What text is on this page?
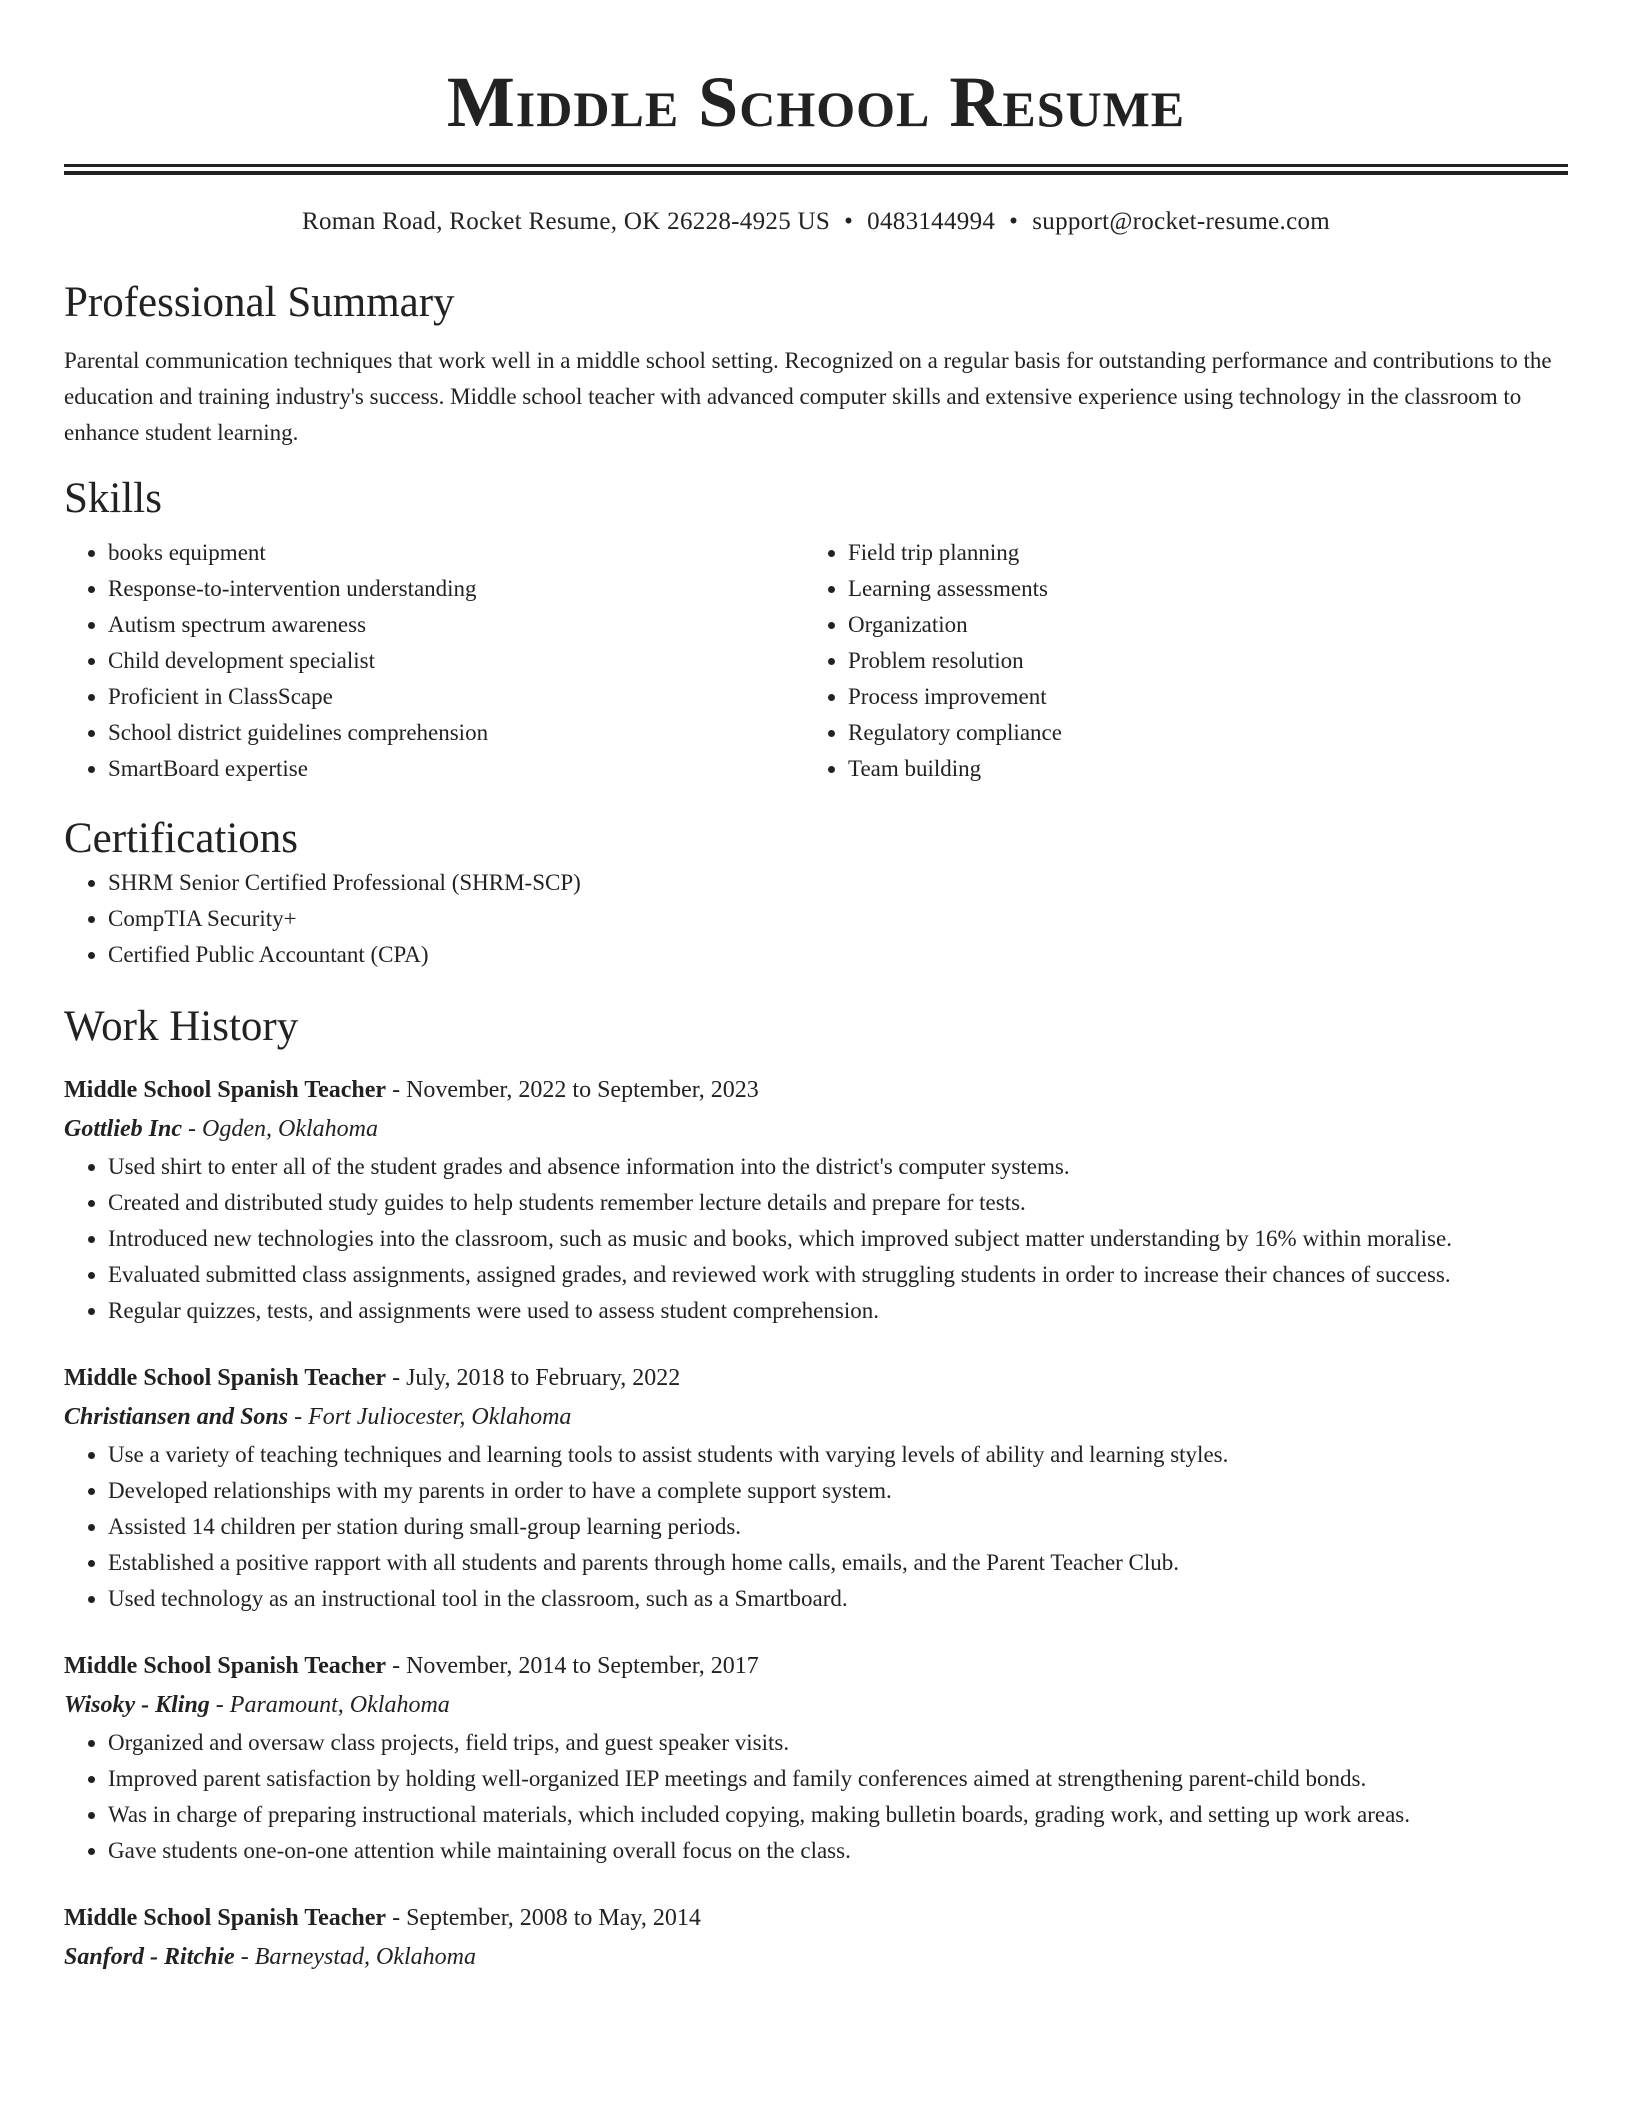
Middle School Resume
Roman Road, Rocket Resume, OK 26228-4925 US • 0483144994 • support@rocket-resume.com
Professional Summary

Parental communication techniques that work well in a middle school setting. Recognized on a regular basis for outstanding performance and contributions to the education and training industry's success. Middle school teacher with advanced computer skills and extensive experience using technology in the classroom to enhance student learning.

Skills
• books equipment
• Response-to-intervention understanding
• Autism spectrum awareness
• Child development specialist
• Proficient in ClassScape
• School district guidelines comprehension
• SmartBoard expertise
• Field trip planning
• Learning assessments
• Organization
• Problem resolution
• Process improvement
• Regulatory compliance
• Team building
Certifications
• SHRM Senior Certified Professional (SHRM-SCP)
• CompTIA Security+
• Certified Public Accountant (CPA)
Work History
Middle School Spanish Teacher - November, 2022 to September, 2023
Gottlieb Inc - Ogden, Oklahoma
• Used shirt to enter all of the student grades and absence information into the district's computer systems.
• Created and distributed study guides to help students remember lecture details and prepare for tests.
• Introduced new technologies into the classroom, such as music and books, which improved subject matter understanding by 16% within moralise.
• Evaluated submitted class assignments, assigned grades, and reviewed work with struggling students in order to increase their chances of success.
• Regular quizzes, tests, and assignments were used to assess student comprehension.
Middle School Spanish Teacher - July, 2018 to February, 2022
Christiansen and Sons - Fort Juliocester, Oklahoma
• Use a variety of teaching techniques and learning tools to assist students with varying levels of ability and learning styles.
• Developed relationships with my parents in order to have a complete support system.
• Assisted 14 children per station during small-group learning periods.
• Established a positive rapport with all students and parents through home calls, emails, and the Parent Teacher Club.
• Used technology as an instructional tool in the classroom, such as a Smartboard.
Middle School Spanish Teacher - November, 2014 to September, 2017
Wisoky - Kling - Paramount, Oklahoma
• Organized and oversaw class projects, field trips, and guest speaker visits.
• Improved parent satisfaction by holding well-organized IEP meetings and family conferences aimed at strengthening parent-child bonds.
• Was in charge of preparing instructional materials, which included copying, making bulletin boards, grading work, and setting up work areas.
• Gave students one-on-one attention while maintaining overall focus on the class.
Middle School Spanish Teacher - September, 2008 to May, 2014
Sanford - Ritchie - Barneystad, Oklahoma
